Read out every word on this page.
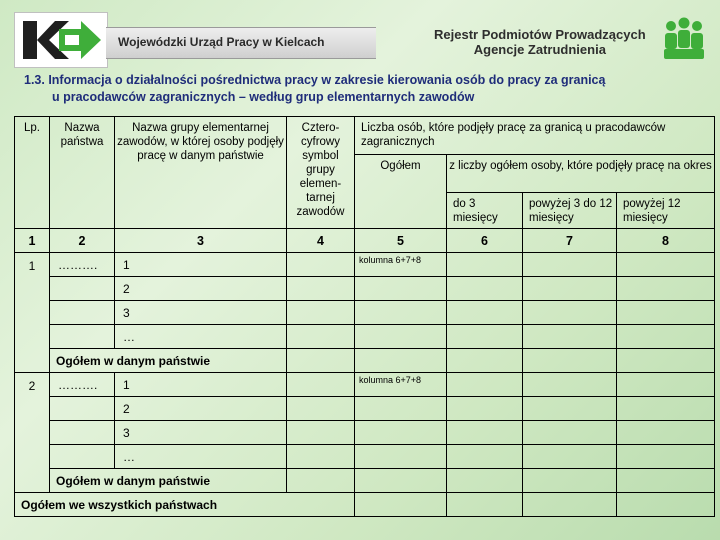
Wojewódzki Urząd Pracy w Kielcach	Rejestr Podmiotów Prowadzących
Agencje Zatrudnienia
1.3. Informacja o działalności pośrednictwa pracy w zakresie kierowania osób do pracy za granicą
u pracodawców zagranicznych – według grup elementarnych zawodów
Lp.	Nazwa państwa	Nazwa grupy elementarnej zawodów, w której osoby podjęły pracę w danym państwie	Cztero-cyfrowy symbol grupy elemen-tarnej zawodów	Liczba osób, które podjęły pracę za granicą u pracodawców zagranicznych			
				Ogółem	z liczby ogółem osoby, które podjęły pracę na okres		
					do 3 miesięcy	powyżej 3 do 12 miesięcy	powyżej 12 miesięcy
1	2	3	4	5	6	7	8
1	……….	1		kolumna 6+7+8			
		2					
		3					
		…					
	Ogółem w danym państwie						
2	……….	1		kolumna 6+7+8			
		2					
		3					
		…					
	Ogółem w danym państwie						
Ogółem we wszystkich państwach							
